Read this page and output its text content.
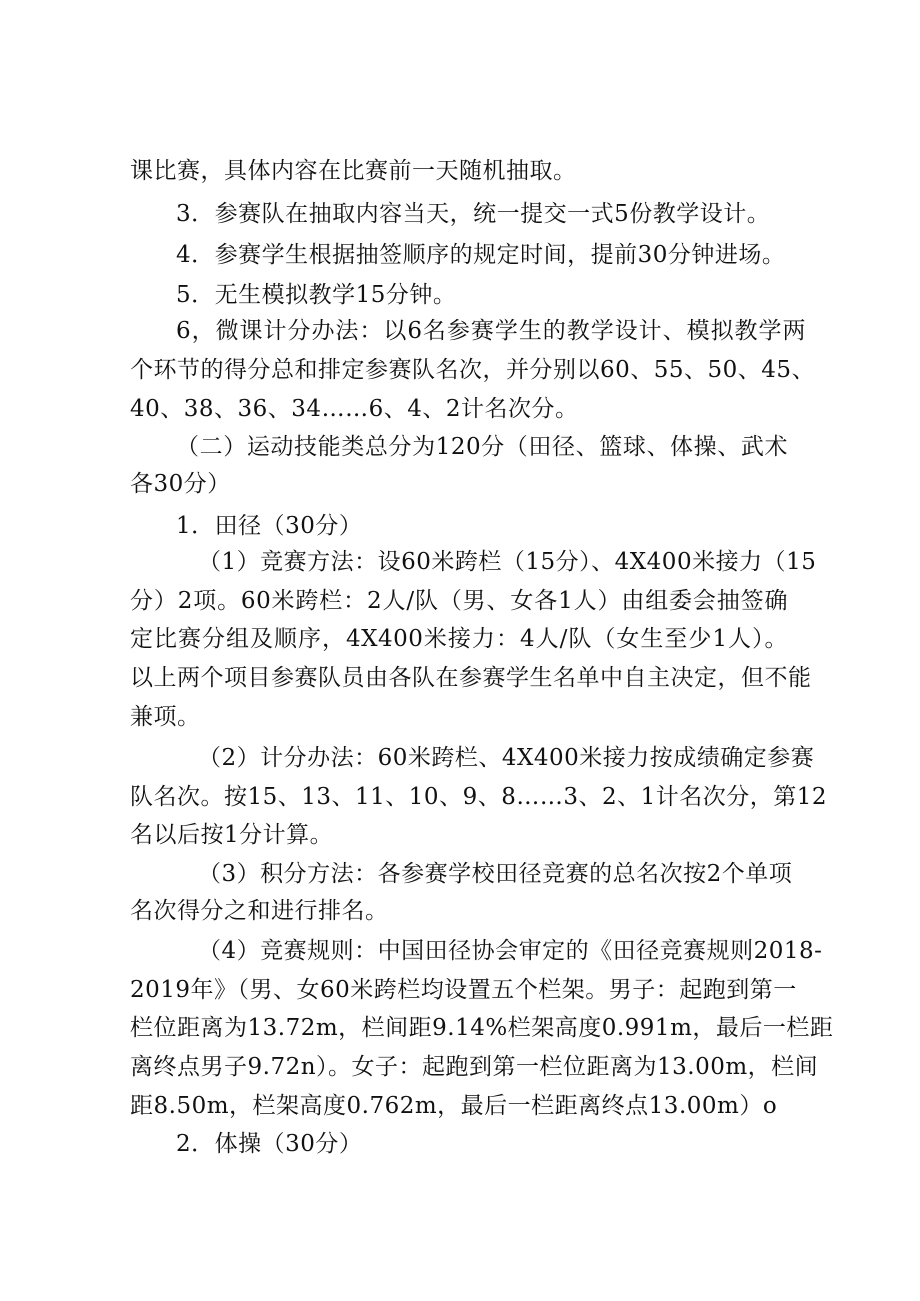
课比赛，具体内容在比赛前一天随机抽取。
3．参赛队在抽取内容当天，统一提交一式5份教学设计。
4．参赛学生根据抽签顺序的规定时间，提前30分钟进场。
5．无生模拟教学15分钟。
6，微课计分办法：以6名参赛学生的教学设计、模拟教学两
个环节的得分总和排定参赛队名次，并分别以60、55、50、45、
40、38、36、34……6、4、2计名次分。
（二）运动技能类总分为120分（田径、篮球、体操、武术
各30分）
1．田径（30分）
（1）竞赛方法：设60米跨栏（15分）、4X400米接力（15
分）2项。60米跨栏：2人/队（男、女各1人）由组委会抽签确
定比赛分组及顺序，4X400米接力：4人/队（女生至少1人）。
以上两个项目参赛队员由各队在参赛学生名单中自主决定，但不能
兼项。
（2）计分办法：60米跨栏、4X400米接力按成绩确定参赛
队名次。按15、13、11、10、9、8……3、2、1计名次分，第12
名以后按1分计算。
（3）积分方法：各参赛学校田径竞赛的总名次按2个单项
名次得分之和进行排名。
（4）竞赛规则：中国田径协会审定的《田径竞赛规则2018-
2019年》（男、女60米跨栏均设置五个栏架。男子：起跑到第一
栏位距离为13.72m，栏间距9.14%栏架高度0.991m，最后一栏距
离终点男子9.72n）。女子：起跑到第一栏位距离为13.00m，栏间
距8.50m，栏架高度0.762m，最后一栏距离终点13.00m）o
2．体操（30分）
